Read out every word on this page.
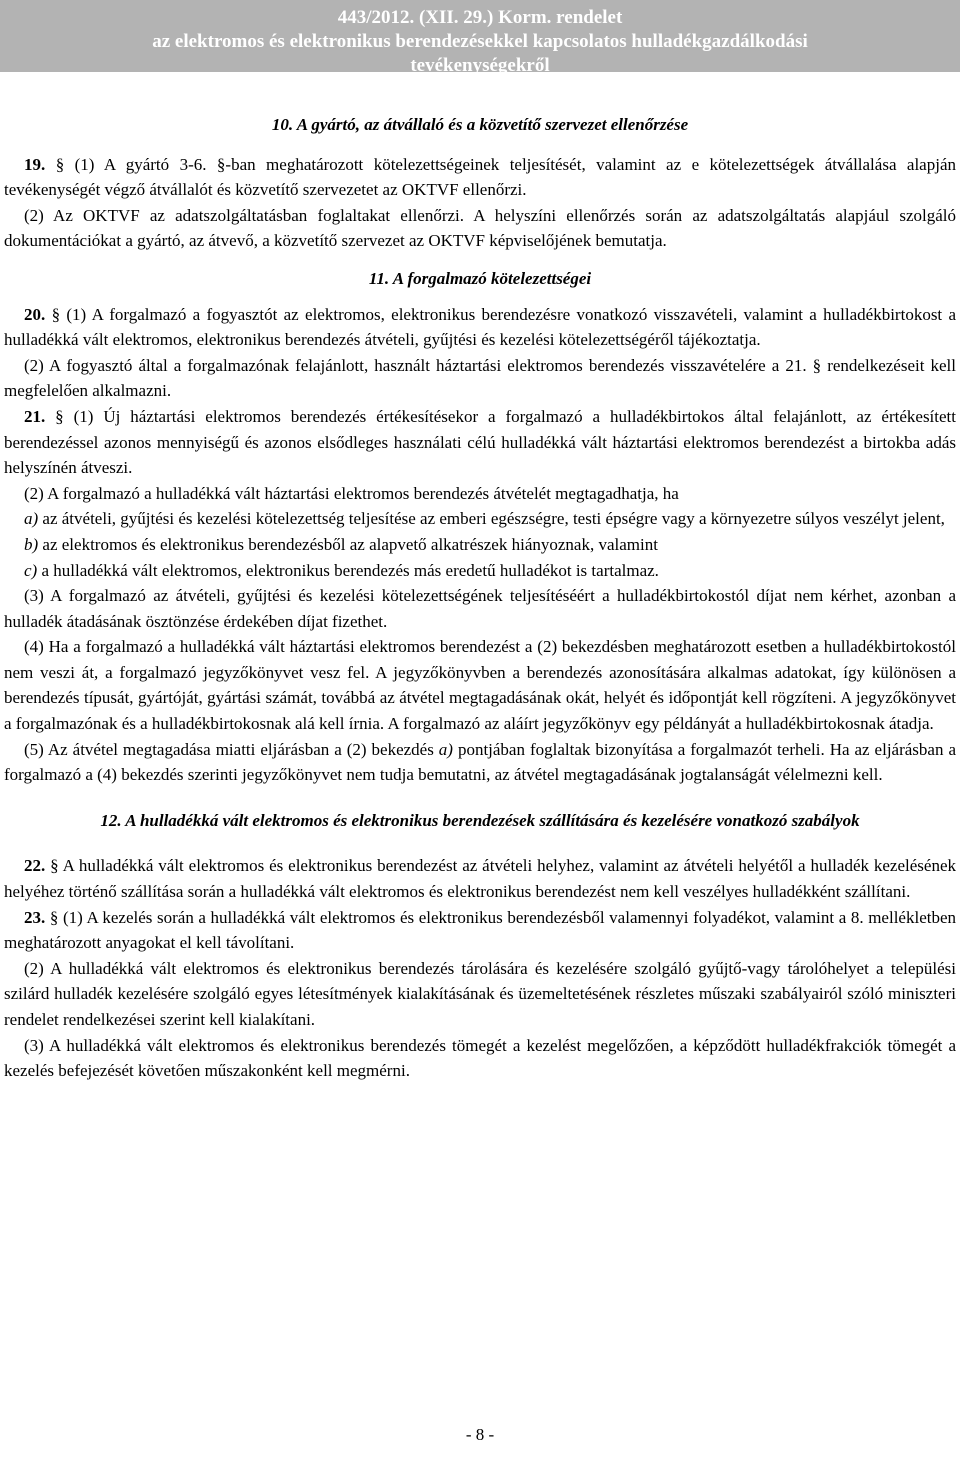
443/2012. (XII. 29.) Korm. rendelet
az elektromos és elektronikus berendezésekkel kapcsolatos hulladékgazdálkodási
tevékenységekről
10. A gyártó, az átvállaló és a közvetítő szervezet ellenőrzése

19. § (1) A gyártó 3-6. §-ban meghatározott kötelezettségeinek teljesítését, valamint az e kötelezettségek átvállalása alapján tevékenységét végző átvállalót és közvetítő szervezetet az OKTVF ellenőrzi.

(2) Az OKTVF az adatszolgáltatásban foglaltakat ellenőrzi. A helyszíni ellenőrzés során az adatszolgáltatás alapjául szolgáló dokumentációkat a gyártó, az átvevő, a közvetítő szervezet az OKTVF képviselőjének bemutatja.

11. A forgalmazó kötelezettségei

20. § (1) A forgalmazó a fogyasztót az elektromos, elektronikus berendezésre vonatkozó visszavételi, valamint a hulladékbirtokost a hulladékká vált elektromos, elektronikus berendezés átvételi, gyűjtési és kezelési kötelezettségéről tájékoztatja.

(2) A fogyasztó által a forgalmazónak felajánlott, használt háztartási elektromos berendezés visszavételére a 21. § rendelkezéseit kell megfelelően alkalmazni.

21. § (1) Új háztartási elektromos berendezés értékesítésekor a forgalmazó a hulladékbirtokos által felajánlott, az értékesített berendezéssel azonos mennyiségű és azonos elsődleges használati célú hulladékká vált háztartási elektromos berendezést a birtokba adás helyszínén átveszi.

(2) A forgalmazó a hulladékká vált háztartási elektromos berendezés átvételét megtagadhatja, ha

a) az átvételi, gyűjtési és kezelési kötelezettség teljesítése az emberi egészségre, testi épségre vagy a környezetre súlyos veszélyt jelent,

b) az elektromos és elektronikus berendezésből az alapvető alkatrészek hiányoznak, valamint

c) a hulladékká vált elektromos, elektronikus berendezés más eredetű hulladékot is tartalmaz.

(3) A forgalmazó az átvételi, gyűjtési és kezelési kötelezettségének teljesítéséért a hulladékbirtokostól díjat nem kérhet, azonban a hulladék átadásának ösztönzése érdekében díjat fizethet.

(4) Ha a forgalmazó a hulladékká vált háztartási elektromos berendezést a (2) bekezdésben meghatározott esetben a hulladékbirtokostól nem veszi át, a forgalmazó jegyzőkönyvet vesz fel. A jegyzőkönyvben a berendezés azonosítására alkalmas adatokat, így különösen a berendezés típusát, gyártóját, gyártási számát, továbbá az átvétel megtagadásának okát, helyét és időpontját kell rögzíteni. A jegyzőkönyvet a forgalmazónak és a hulladékbirtokosnak alá kell írnia. A forgalmazó az aláírt jegyzőkönyv egy példányát a hulladékbirtokosnak átadja.

(5) Az átvétel megtagadása miatti eljárásban a (2) bekezdés a) pontjában foglaltak bizonyítása a forgalmazót terheli. Ha az eljárásban a forgalmazó a (4) bekezdés szerinti jegyzőkönyvet nem tudja bemutatni, az átvétel megtagadásának jogtalanságát vélelmezni kell.

12. A hulladékká vált elektromos és elektronikus berendezések szállítására és kezelésére vonatkozó szabályok

22. § A hulladékká vált elektromos és elektronikus berendezést az átvételi helyhez, valamint az átvételi helyétől a hulladék kezelésének helyéhez történő szállítása során a hulladékká vált elektromos és elektronikus berendezést nem kell veszélyes hulladékként szállítani.

23. § (1) A kezelés során a hulladékká vált elektromos és elektronikus berendezésből valamennyi folyadékot, valamint a 8. mellékletben meghatározott anyagokat el kell távolítani.

(2) A hulladékká vált elektromos és elektronikus berendezés tárolására és kezelésére szolgáló gyűjtő-vagy tárolóhelyet a települési szilárd hulladék kezelésére szolgáló egyes létesítmények kialakításának és üzemeltetésének részletes műszaki szabályairól szóló miniszteri rendelet rendelkezései szerint kell kialakítani.

(3) A hulladékká vált elektromos és elektronikus berendezés tömegét a kezelést megelőzően, a képződött hulladékfrakciók tömegét a kezelés befejezését követően műszakonként kell megmérni.

- 8 -
